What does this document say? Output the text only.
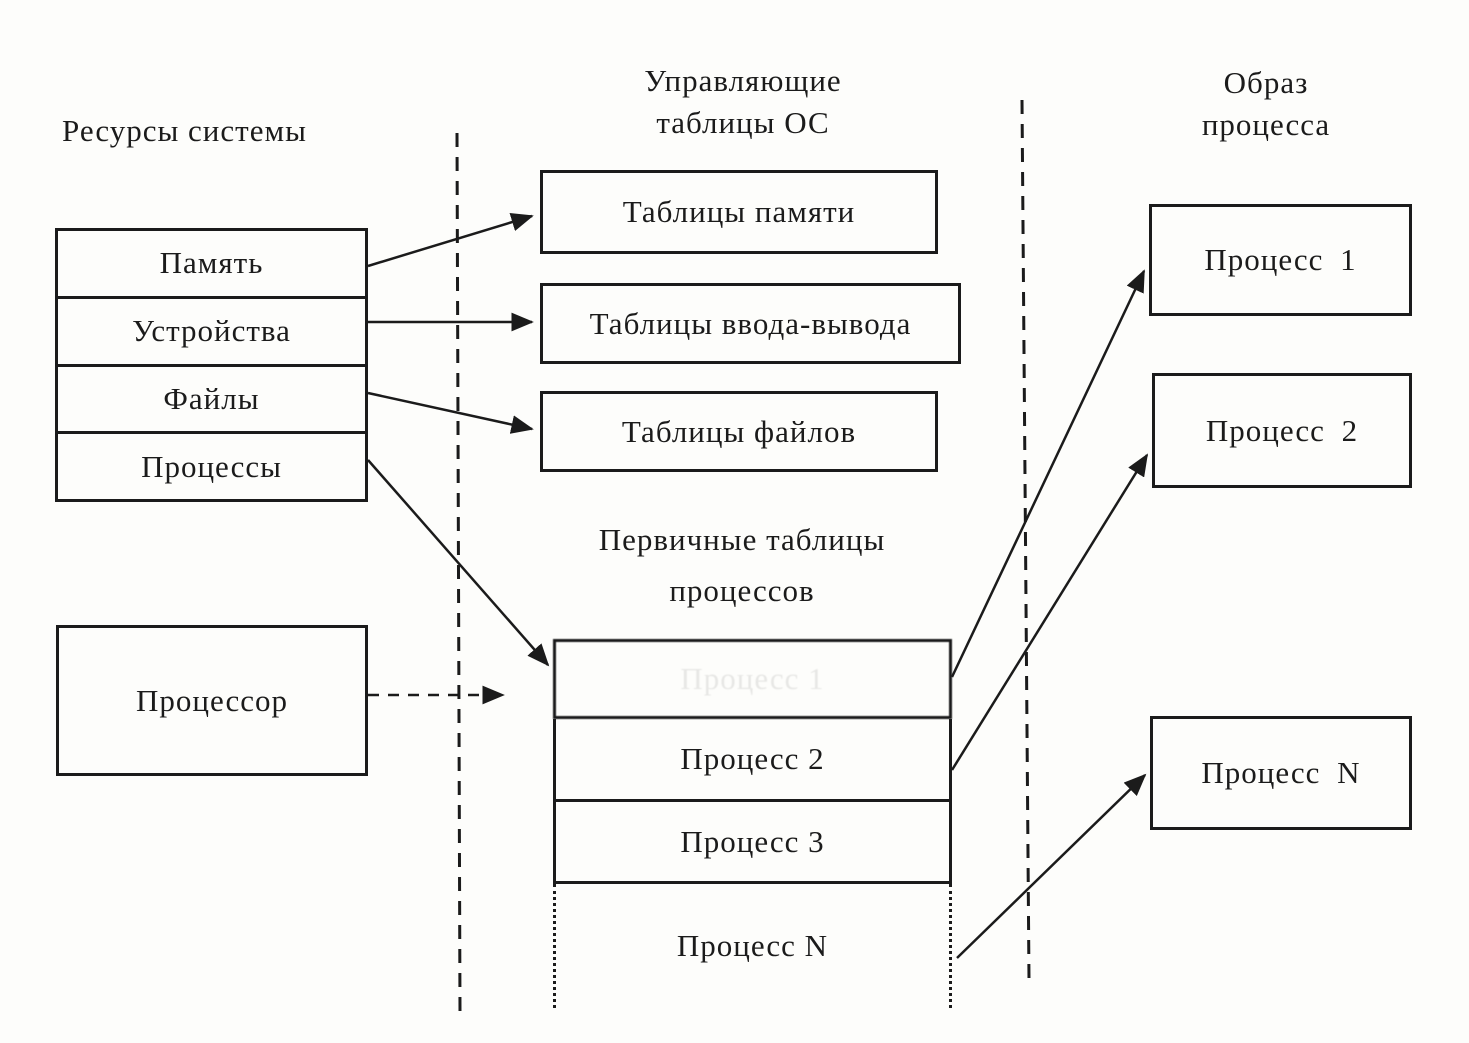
Ресурсы системы
Управляющие
таблицы ОС
Образ
процесса
Первичные таблицы
процессов
Память
Устройства
Файлы
Процессы
Процессор
Таблицы памяти
Таблицы ввода-вывода
Таблицы файлов
Процесс 1
Процесс 2
Процесс 3
Процесс N
Процесс 1
Процесс 2
Процесс N
